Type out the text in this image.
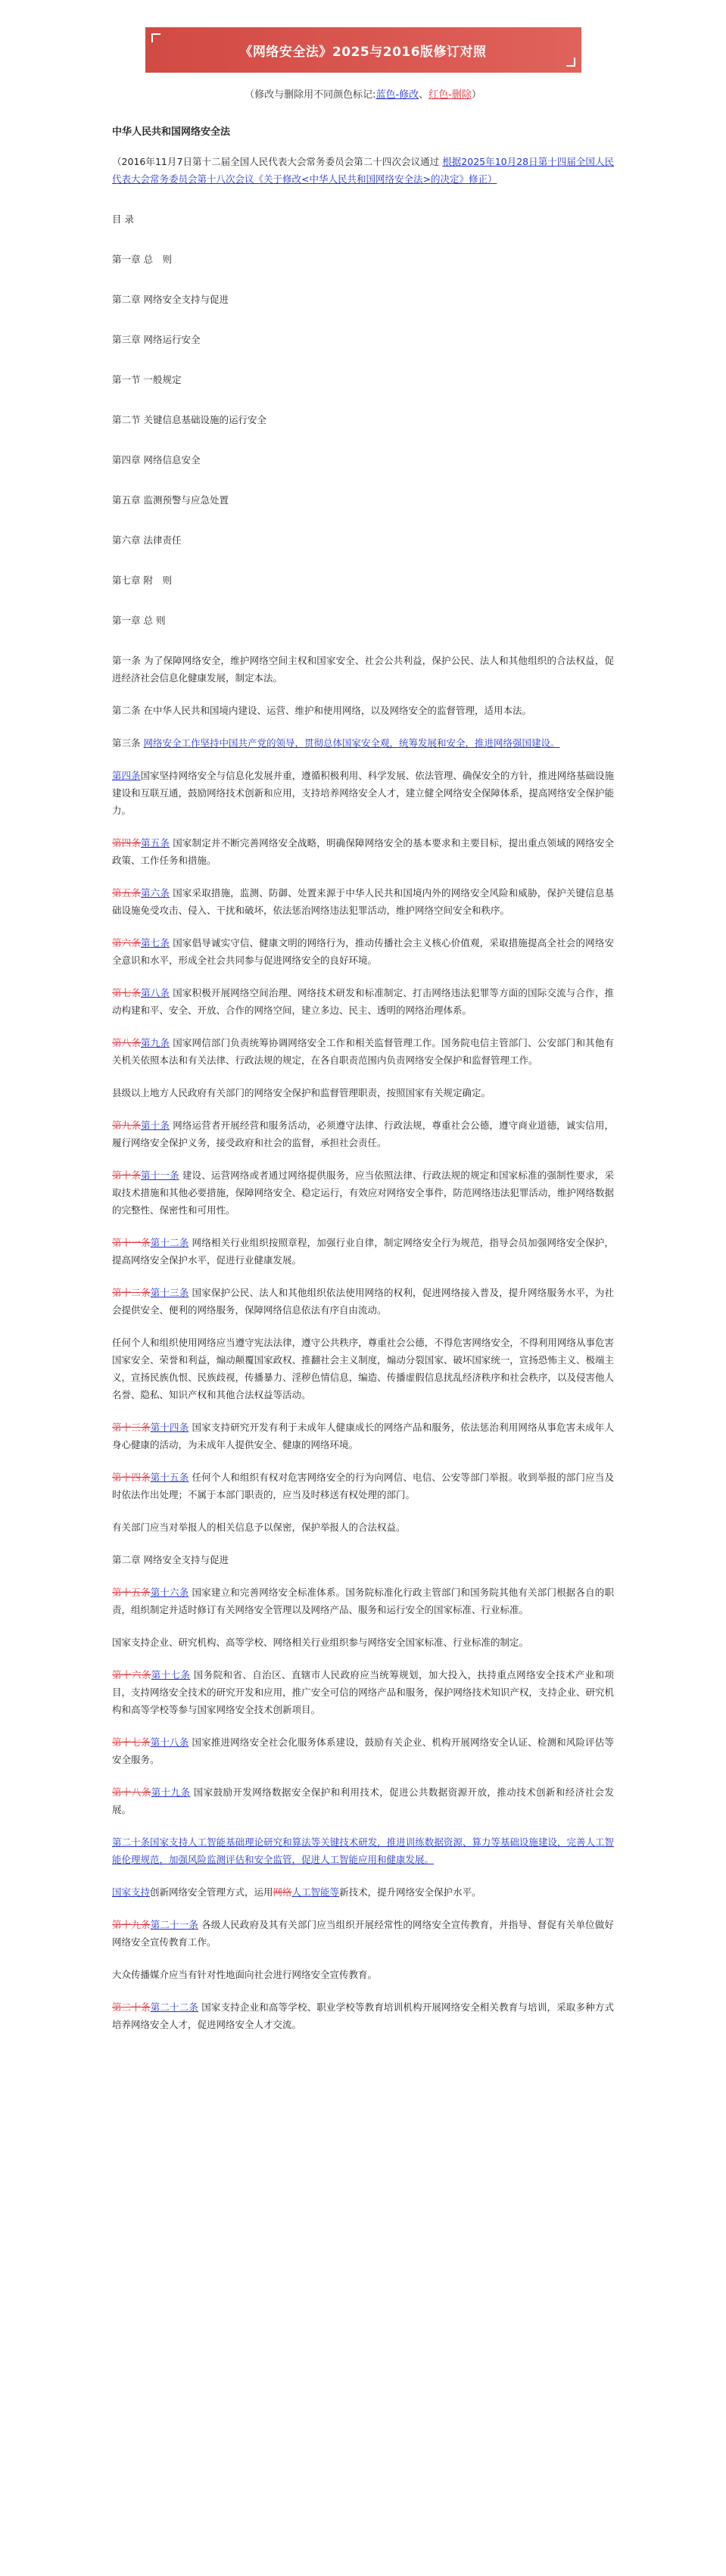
《网络安全法》2025与2016版修订对照
（修改与删除用不同颜色标记:蓝色-修改、红色-删除）
中华人民共和国网络安全法
（2016年11月7日第十二届全国人民代表大会常务委员会第二十四次会议通过 根据2025年10月28日第十四届全国人民代表大会常务委员会第十八次会议《关于修改<中华人民共和国网络安全法>的决定》修正）
目 录
第一章 总　则
第二章 网络安全支持与促进
第三章 网络运行安全
第一节 一般规定
第二节 关键信息基础设施的运行安全
第四章 网络信息安全
第五章 监测预警与应急处置
第六章 法律责任
第七章 附　则
第一章 总 则
第一条 为了保障网络安全，维护网络空间主权和国家安全、社会公共利益，保护公民、法人和其他组织的合法权益，促进经济社会信息化健康发展，制定本法。
第二条 在中华人民共和国境内建设、运营、维护和使用网络，以及网络安全的监督管理，适用本法。
第三条 网络安全工作坚持中国共产党的领导，贯彻总体国家安全观，统筹发展和安全，推进网络强国建设。
第四条国家坚持网络安全与信息化发展并重，遵循积极利用、科学发展、依法管理、确保安全的方针，推进网络基础设施建设和互联互通，鼓励网络技术创新和应用，支持培养网络安全人才，建立健全网络安全保障体系，提高网络安全保护能力。
第四条第五条 国家制定并不断完善网络安全战略，明确保障网络安全的基本要求和主要目标，提出重点领域的网络安全政策、工作任务和措施。
第五条第六条 国家采取措施，监测、防御、处置来源于中华人民共和国境内外的网络安全风险和威胁，保护关键信息基础设施免受攻击、侵入、干扰和破坏，依法惩治网络违法犯罪活动，维护网络空间安全和秩序。
第六条第七条 国家倡导诚实守信、健康文明的网络行为，推动传播社会主义核心价值观，采取措施提高全社会的网络安全意识和水平，形成全社会共同参与促进网络安全的良好环境。
第七条第八条 国家积极开展网络空间治理、网络技术研发和标准制定、打击网络违法犯罪等方面的国际交流与合作，推动构建和平、安全、开放、合作的网络空间，建立多边、民主、透明的网络治理体系。
第八条第九条 国家网信部门负责统筹协调网络安全工作和相关监督管理工作。国务院电信主管部门、公安部门和其他有关机关依照本法和有关法律、行政法规的规定，在各自职责范围内负责网络安全保护和监督管理工作。
县级以上地方人民政府有关部门的网络安全保护和监督管理职责，按照国家有关规定确定。
第九条第十条 网络运营者开展经营和服务活动，必须遵守法律、行政法规，尊重社会公德，遵守商业道德，诚实信用，履行网络安全保护义务，接受政府和社会的监督，承担社会责任。
第十条第十一条 建设、运营网络或者通过网络提供服务，应当依照法律、行政法规的规定和国家标准的强制性要求，采取技术措施和其他必要措施，保障网络安全、稳定运行，有效应对网络安全事件，防范网络违法犯罪活动，维护网络数据的完整性、保密性和可用性。
第十一条第十二条 网络相关行业组织按照章程，加强行业自律，制定网络安全行为规范，指导会员加强网络安全保护，提高网络安全保护水平，促进行业健康发展。
第十二条第十三条 国家保护公民、法人和其他组织依法使用网络的权利，促进网络接入普及，提升网络服务水平，为社会提供安全、便利的网络服务，保障网络信息依法有序自由流动。
任何个人和组织使用网络应当遵守宪法法律，遵守公共秩序，尊重社会公德，不得危害网络安全，不得利用网络从事危害国家安全、荣誉和利益，煽动颠覆国家政权、推翻社会主义制度，煽动分裂国家、破坏国家统一，宣扬恐怖主义、极端主义，宣扬民族仇恨、民族歧视，传播暴力、淫秽色情信息，编造、传播虚假信息扰乱经济秩序和社会秩序，以及侵害他人名誉、隐私、知识产权和其他合法权益等活动。
第十三条第十四条 国家支持研究开发有利于未成年人健康成长的网络产品和服务，依法惩治利用网络从事危害未成年人身心健康的活动，为未成年人提供安全、健康的网络环境。
第十四条第十五条 任何个人和组织有权对危害网络安全的行为向网信、电信、公安等部门举报。收到举报的部门应当及时依法作出处理；不属于本部门职责的，应当及时移送有权处理的部门。
有关部门应当对举报人的相关信息予以保密，保护举报人的合法权益。
第二章 网络安全支持与促进
第十五条第十六条 国家建立和完善网络安全标准体系。国务院标准化行政主管部门和国务院其他有关部门根据各自的职责，组织制定并适时修订有关网络安全管理以及网络产品、服务和运行安全的国家标准、行业标准。
国家支持企业、研究机构、高等学校、网络相关行业组织参与网络安全国家标准、行业标准的制定。
第十六条第十七条 国务院和省、自治区、直辖市人民政府应当统筹规划，加大投入，扶持重点网络安全技术产业和项目，支持网络安全技术的研究开发和应用，推广安全可信的网络产品和服务，保护网络技术知识产权，支持企业、研究机构和高等学校等参与国家网络安全技术创新项目。
第十七条第十八条 国家推进网络安全社会化服务体系建设，鼓励有关企业、机构开展网络安全认证、检测和风险评估等安全服务。
第十八条第十九条 国家鼓励开发网络数据安全保护和利用技术，促进公共数据资源开放，推动技术创新和经济社会发展。
第二十条国家支持人工智能基础理论研究和算法等关键技术研发，推进训练数据资源、算力等基础设施建设，完善人工智能伦理规范，加强风险监测评估和安全监管，促进人工智能应用和健康发展。
国家支持创新网络安全管理方式，运用网络人工智能等新技术，提升网络安全保护水平。
第十九条第二十一条 各级人民政府及其有关部门应当组织开展经常性的网络安全宣传教育，并指导、督促有关单位做好网络安全宣传教育工作。
大众传播媒介应当有针对性地面向社会进行网络安全宣传教育。
第二十条第二十二条 国家支持企业和高等学校、职业学校等教育培训机构开展网络安全相关教育与培训，采取多种方式培养网络安全人才，促进网络安全人才交流。
